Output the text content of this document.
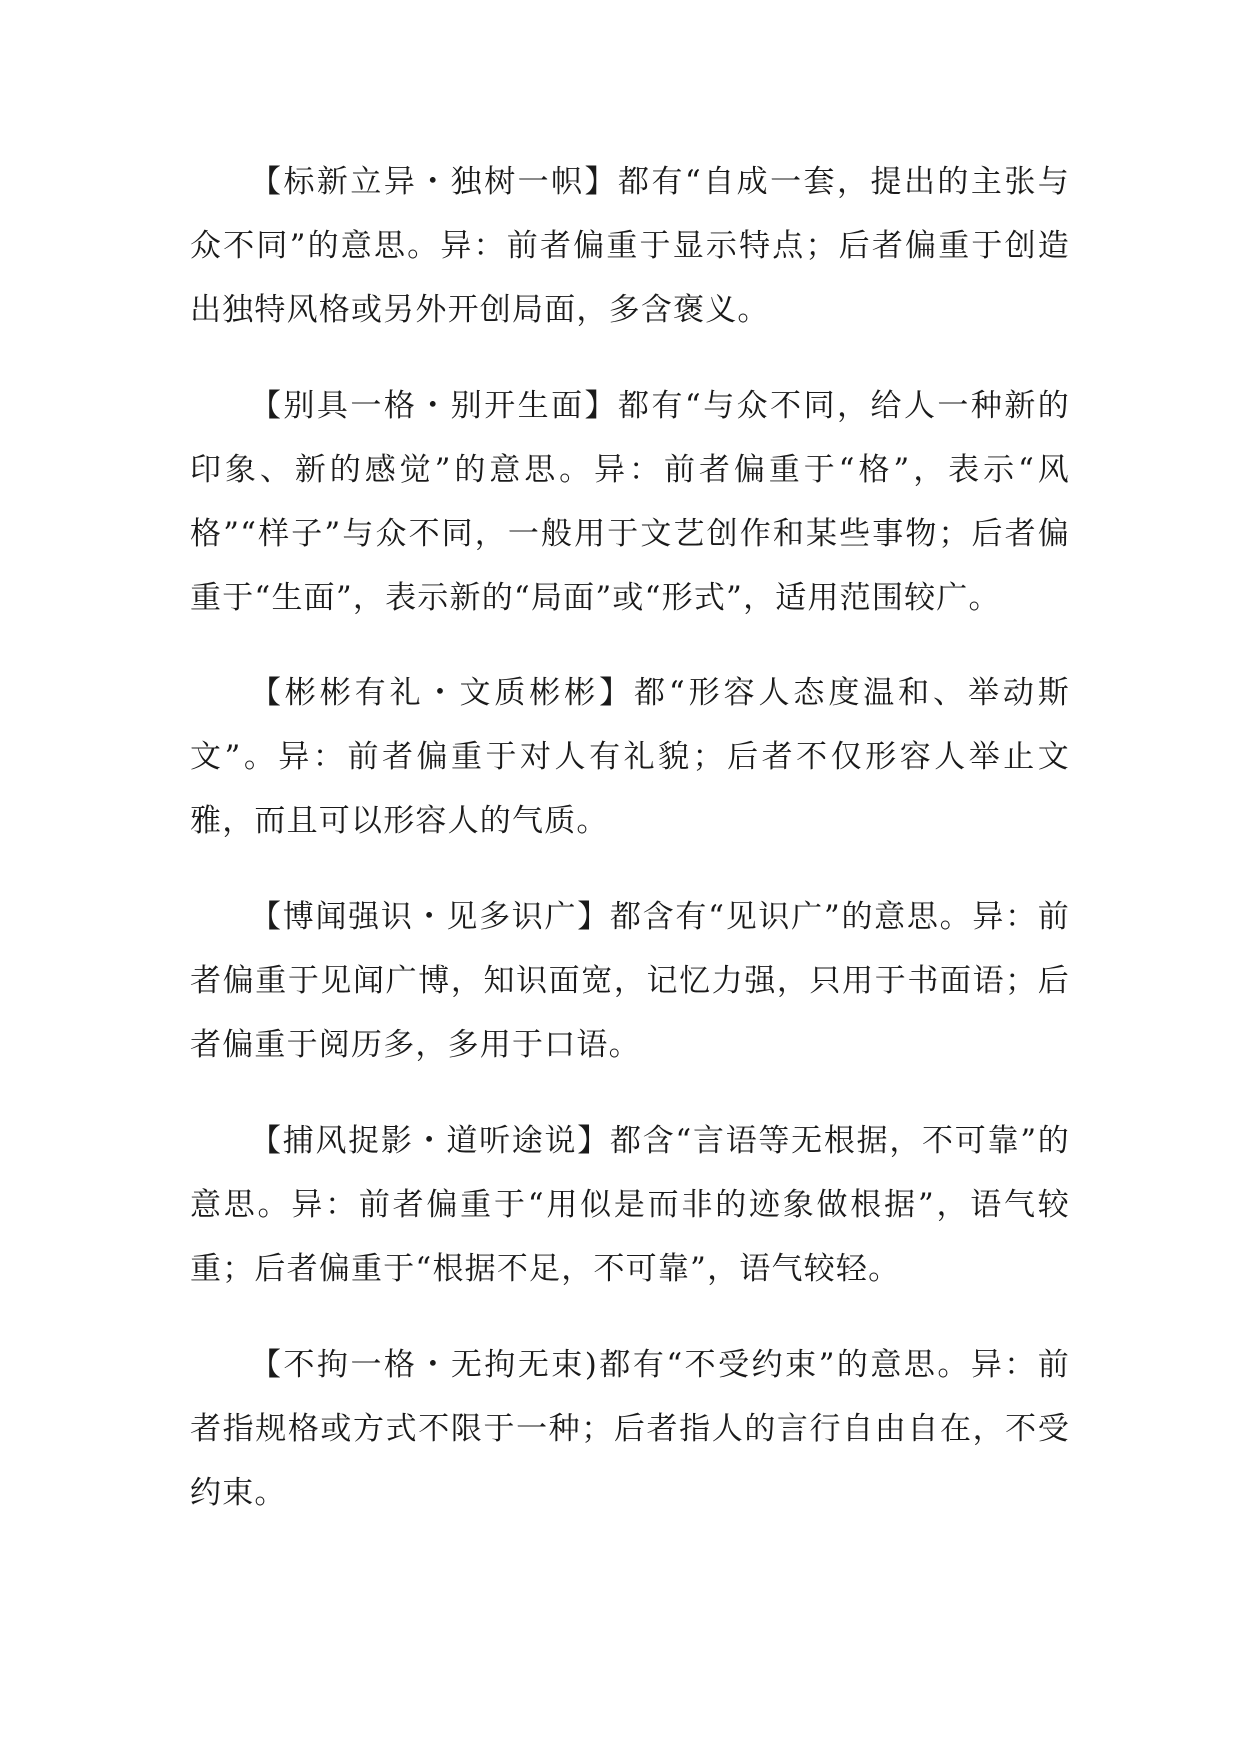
【标新立异・独树一帜】都有“自成一套，提出的主张与众不同”的意思。异：前者偏重于显示特点；后者偏重于创造出独特风格或另外开创局面，多含褒义。

【别具一格・别开生面】都有“与众不同，给人一种新的印象、新的感觉”的意思。异：前者偏重于“格”，表示“风格”“样子”与众不同，一般用于文艺创作和某些事物；后者偏重于“生面”，表示新的“局面”或“形式”，适用范围较广。

【彬彬有礼・文质彬彬】都“形容人态度温和、举动斯文”。异：前者偏重于对人有礼貌；后者不仅形容人举止文雅，而且可以形容人的气质。

【博闻强识・见多识广】都含有“见识广”的意思。异：前者偏重于见闻广博，知识面宽，记忆力强，只用于书面语；后者偏重于阅历多，多用于口语。

【捕风捉影・道听途说】都含“言语等无根据，不可靠”的意思。异：前者偏重于“用似是而非的迹象做根据”，语气较重；后者偏重于“根据不足，不可靠”，语气较轻。

【不拘一格・无拘无束)都有“不受约束”的意思。异：前者指规格或方式不限于一种；后者指人的言行自由自在，不受约束。
